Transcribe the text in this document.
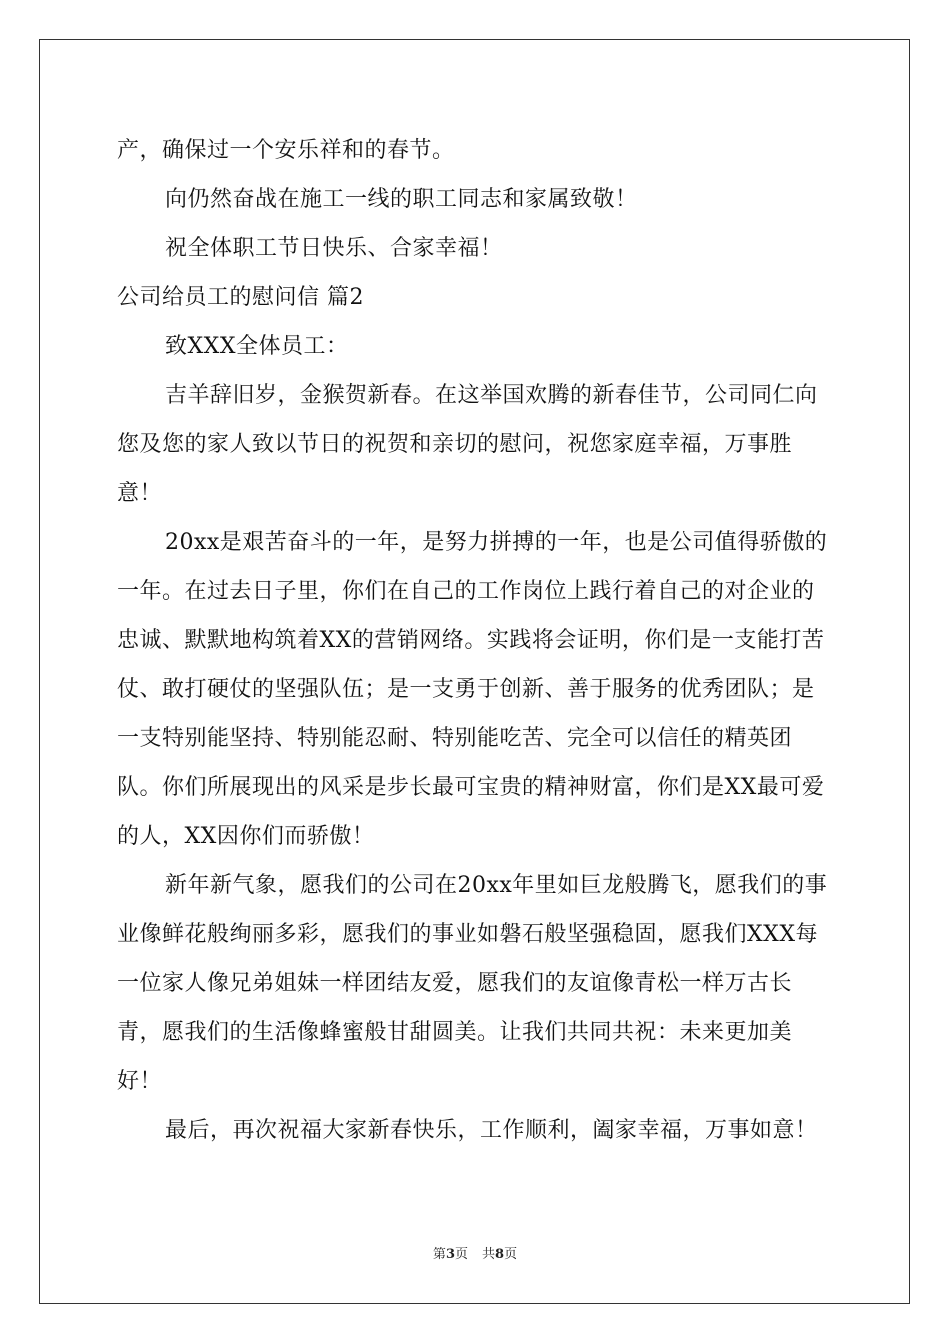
产，确保过一个安乐祥和的春节。

向仍然奋战在施工一线的职工同志和家属致敬！

祝全体职工节日快乐、合家幸福！

公司给员工的慰问信 篇2

致XXX全体员工：

吉羊辞旧岁，金猴贺新春。在这举国欢腾的新春佳节，公司同仁向您及您的家人致以节日的祝贺和亲切的慰问，祝您家庭幸福，万事胜意！

20xx是艰苦奋斗的一年，是努力拼搏的一年，也是公司值得骄傲的一年。在过去日子里，你们在自己的工作岗位上践行着自己的对企业的忠诚、默默地构筑着XX的营销网络。实践将会证明，你们是一支能打苦仗、敢打硬仗的坚强队伍；是一支勇于创新、善于服务的优秀团队；是一支特别能坚持、特别能忍耐、特别能吃苦、完全可以信任的精英团队。你们所展现出的风采是步长最可宝贵的精神财富，你们是XX最可爱的人，XX因你们而骄傲！

新年新气象，愿我们的公司在20xx年里如巨龙般腾飞，愿我们的事业像鲜花般绚丽多彩，愿我们的事业如磐石般坚强稳固，愿我们XXX每一位家人像兄弟姐妹一样团结友爱，愿我们的友谊像青松一样万古长青，愿我们的生活像蜂蜜般甘甜圆美。让我们共同共祝：未来更加美好！

最后，再次祝福大家新春快乐，工作顺利，阖家幸福，万事如意！

第3页 共8页
